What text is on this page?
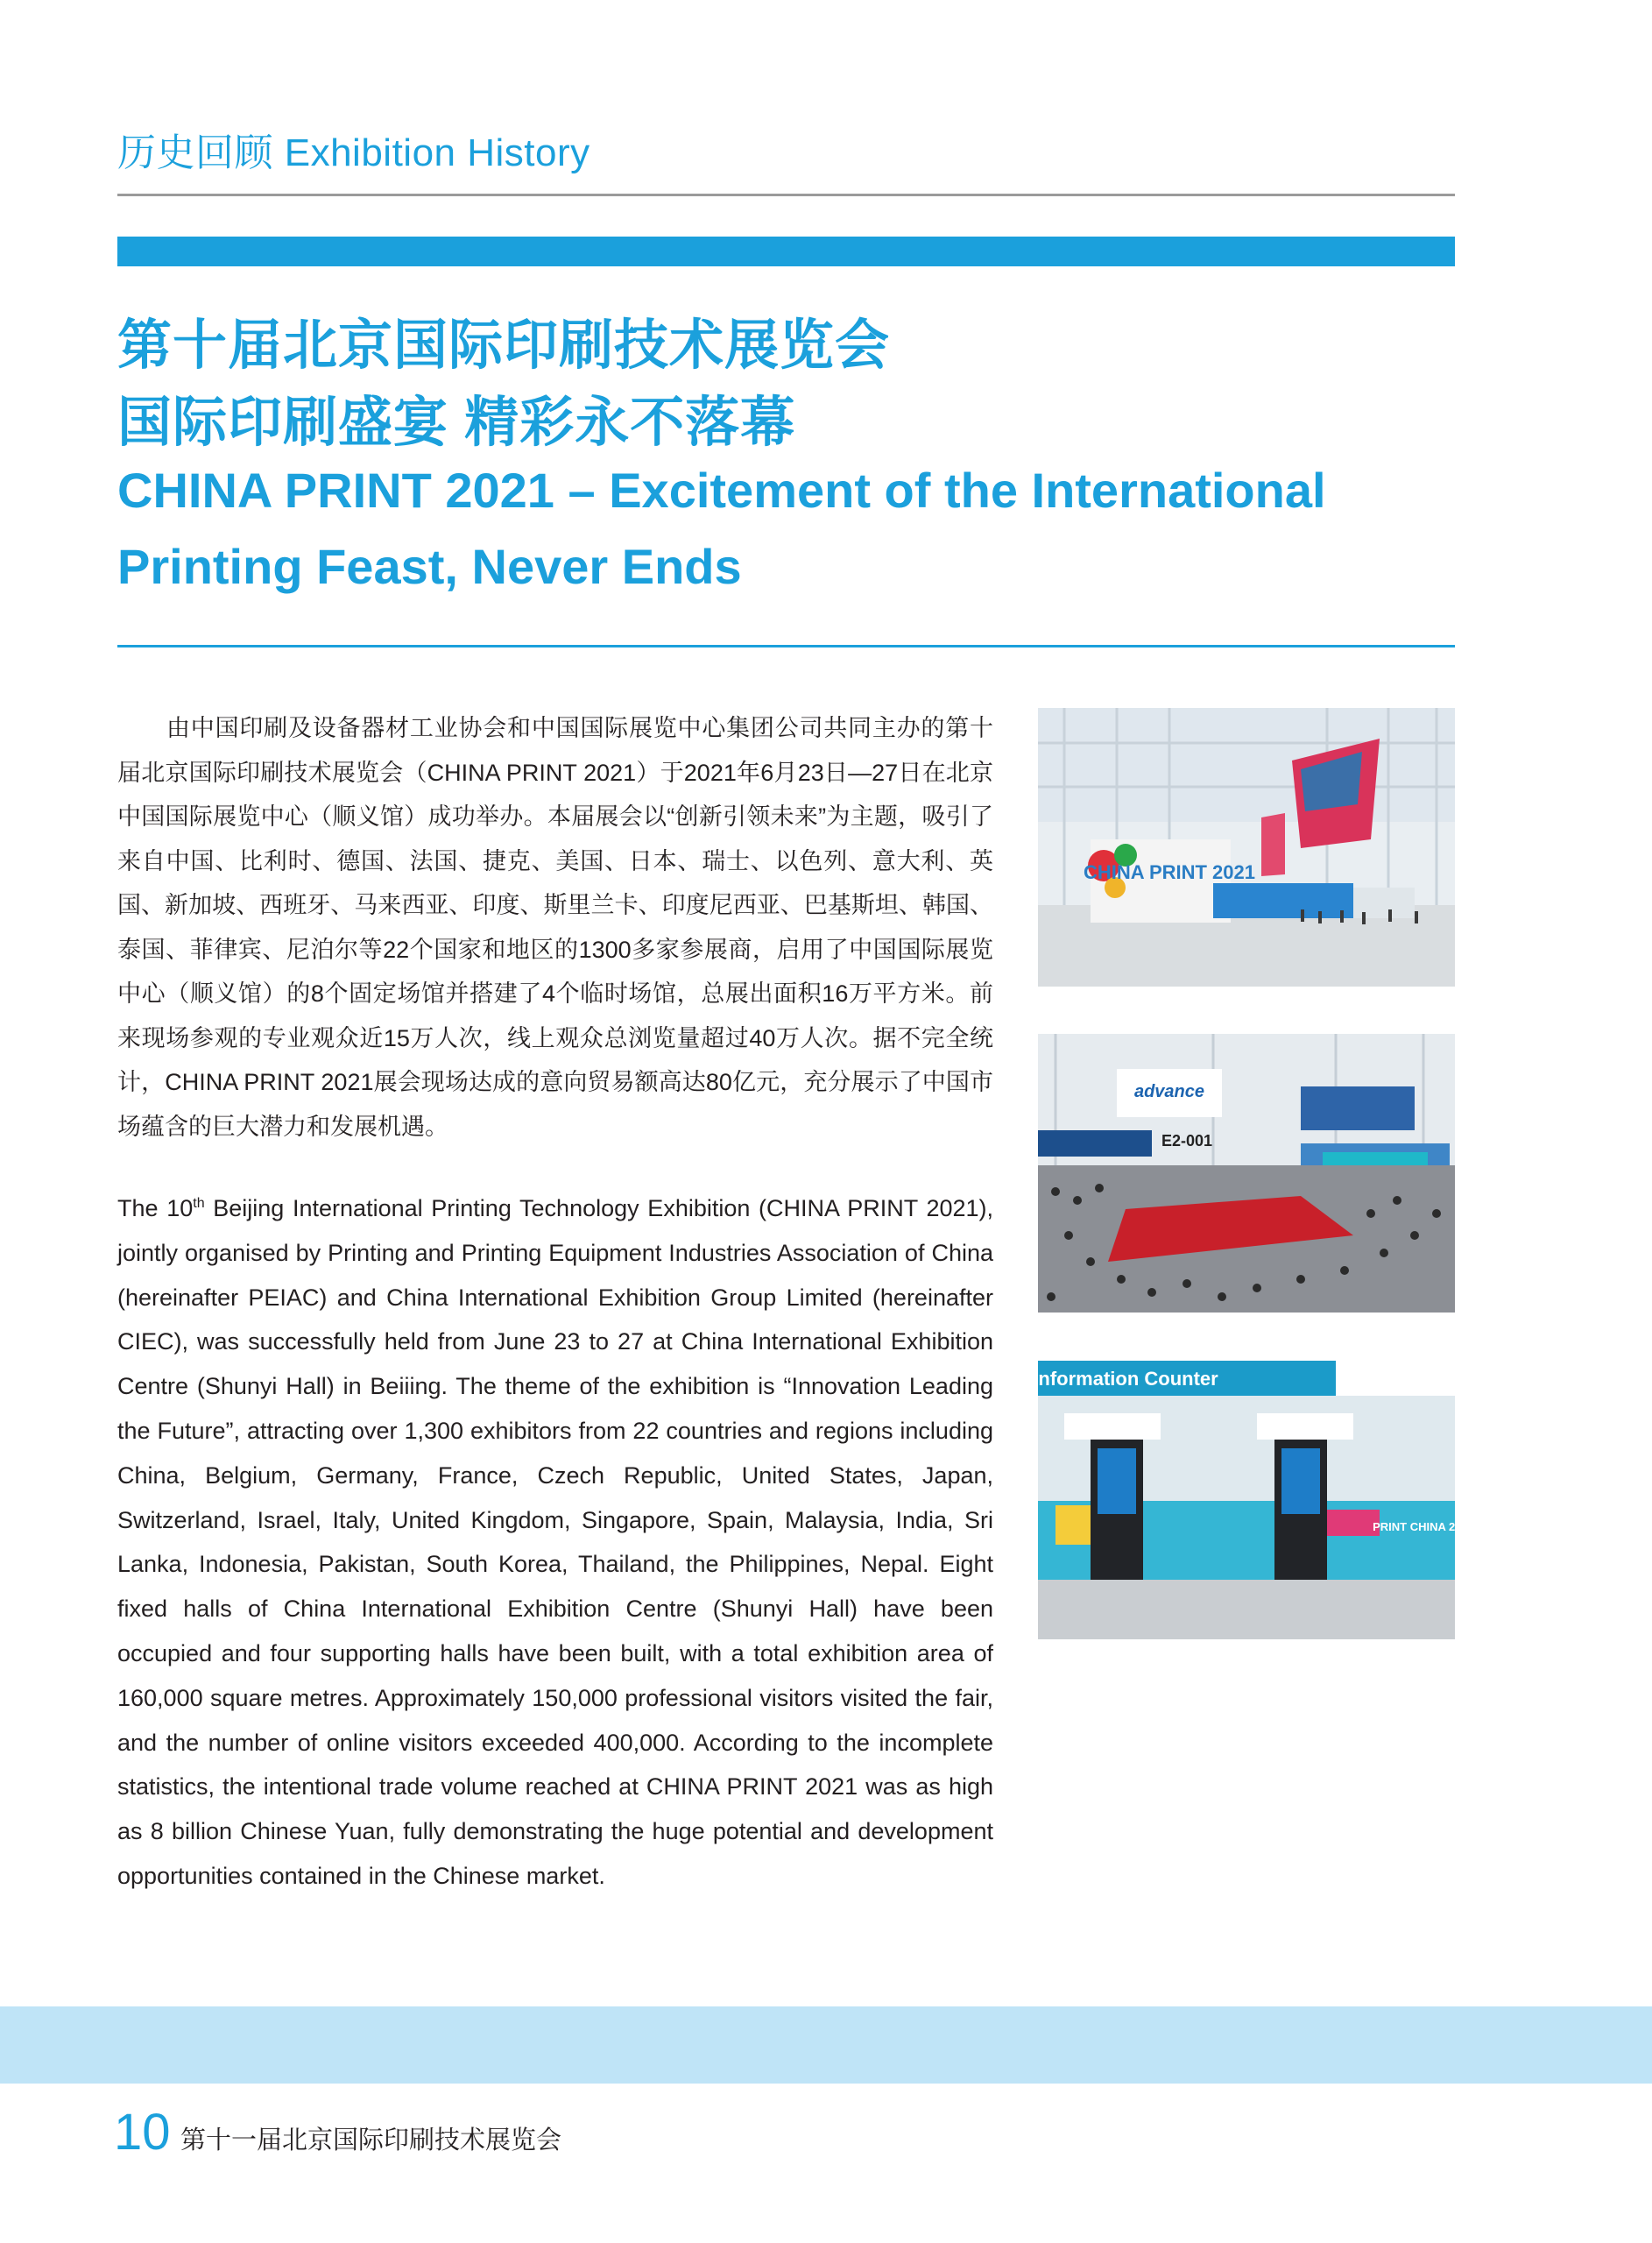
历史回顾 Exhibition History
第十届北京国际印刷技术展览会
国际印刷盛宴 精彩永不落幕
CHINA PRINT 2021 – Excitement of the International
Printing Feast, Never Ends

由中国印刷及设备器材工业协会和中国国际展览中心集团公司共同主办的第十届北京国际印刷技术展览会（CHINA PRINT 2021）于2021年6月23日—27日在北京中国国际展览中心（顺义馆）成功举办。本届展会以“创新引领未来”为主题，吸引了来自中国、比利时、德国、法国、捷克、美国、日本、瑞士、以色列、意大利、英国、新加坡、西班牙、马来西亚、印度、斯里兰卡、印度尼西亚、巴基斯坦、韩国、泰国、菲律宾、尼泊尔等22个国家和地区的1300多家参展商，启用了中国国际展览中心（顺义馆）的8个固定场馆并搭建了4个临时场馆，总展出面积16万平方米。前来现场参观的专业观众近15万人次，线上观众总浏览量超过40万人次。据不完全统计，CHINA PRINT 2021展会现场达成的意向贸易额高达80亿元，充分展示了中国市场蕴含的巨大潜力和发展机遇。

The 10th Beijing International Printing Technology Exhibition (CHINA PRINT 2021), jointly organised by Printing and Printing Equipment Industries Association of China (hereinafter PEIAC) and China International Exhibition Group Limited (hereinafter CIEC), was successfully held from June 23 to 27 at China International Exhibition Centre (Shunyi Hall) in Beiiing. The theme of the exhibition is “Innovation Leading the Future”, attracting over 1,300 exhibitors from 22 countries and regions including China, Belgium, Germany, France, Czech Republic, United States, Japan, Switzerland, Israel, Italy, United Kingdom, Singapore, Spain, Malaysia, India, Sri Lanka, Indonesia, Pakistan, South Korea, Thailand, the Philippines, Nepal. Eight fixed halls of China International Exhibition Centre (Shunyi Hall) have been occupied and four supporting halls have been built, with a total exhibition area of 160,000 square metres. Approximately 150,000 professional visitors visited the fair, and the number of online visitors exceeded 400,000. According to the incomplete statistics, the intentional trade volume reached at CHINA PRINT 2021 was as high as 8 billion Chinese Yuan, fully demonstrating the huge potential and development opportunities contained in the Chinese market.

CHINA PRINT 2021
advance
E2-001
Information Counter
PRINT CHINA 2023
10 第十一届北京国际印刷技术展览会
